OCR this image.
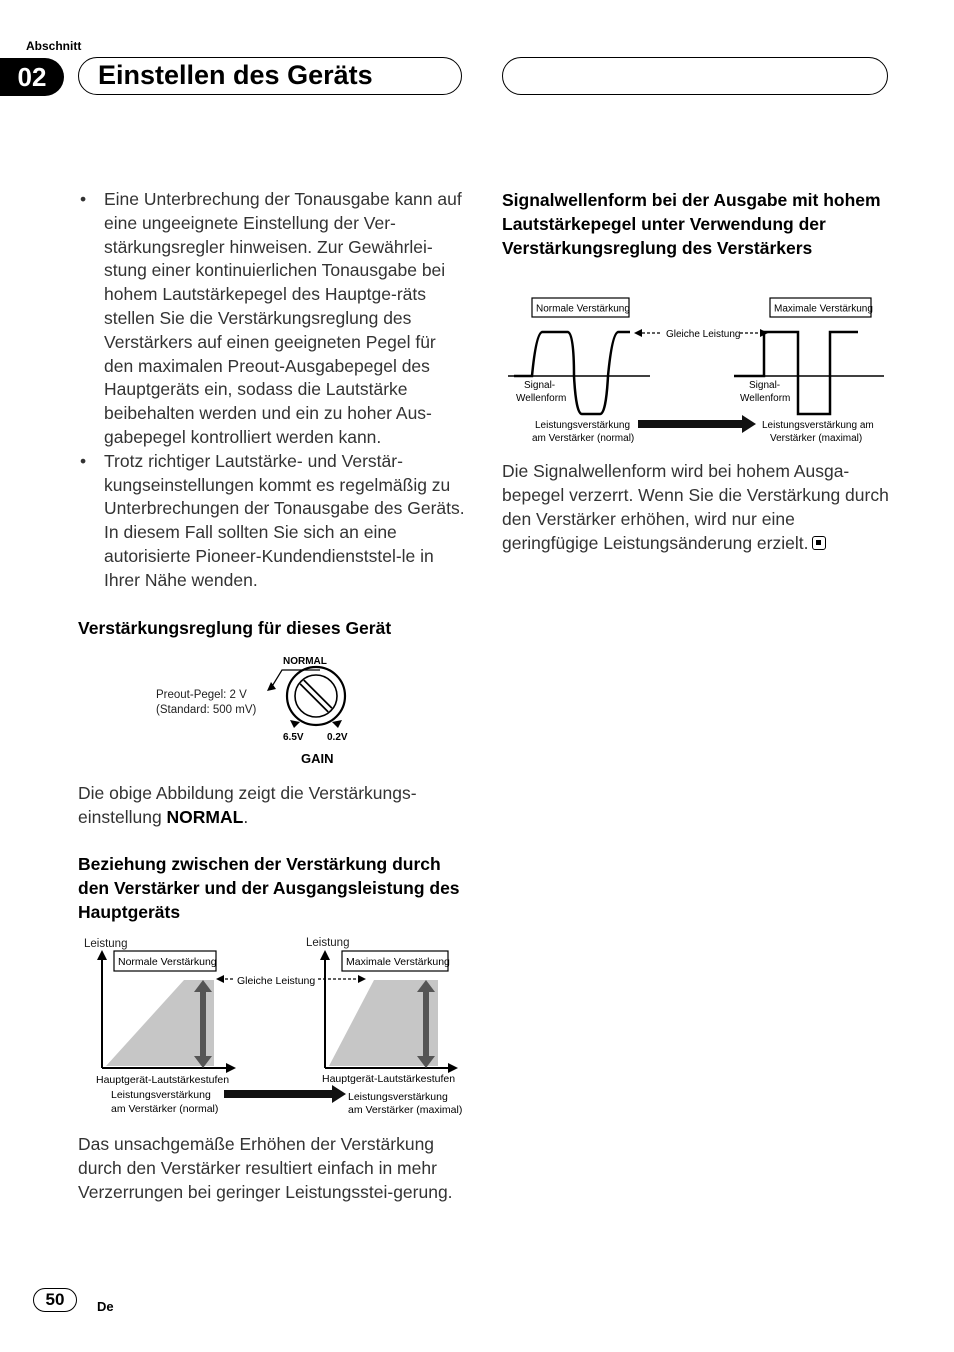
Abschnitt
02	Einstellen des Geräts
• Eine Unterbrechung der Tonausgabe kann auf eine ungeeignete Einstellung der Ver-stärkungsregler hinweisen. Zur Gewährlei-stung einer kontinuierlichen Tonausgabe bei hohem Lautstärkepegel des Hauptge-räts stellen Sie die Verstärkungsreglung des Verstärkers auf einen geeigneten Pegel für den maximalen Preout-Ausgabepegel des Hauptgeräts ein, sodass die Lautstärke beibehalten werden und ein zu hoher Aus-gabepegel kontrolliert werden kann.
• Trotz richtiger Lautstärke- und Verstär-kungseinstellungen kommt es regelmäßig zu Unterbrechungen der Tonausgabe des Geräts. In diesem Fall sollten Sie sich an eine autorisierte Pioneer-Kundendienststel-le in Ihrer Nähe wenden.
Verstärkungsreglung für dieses Gerät
Preout-Pegel: 2 V
(Standard: 500 mV)
NORMAL
6.5V 0.2V
GAIN
Die obige Abbildung zeigt die Verstärkungs-einstellung NORMAL.
Beziehung zwischen der Verstärkung durch den Verstärker und der Ausgangsleistung des Hauptgeräts
Leistung	Leistung
Normale Verstärkung	Maximale Verstärkung
Gleiche Leistung
Hauptgerät-Lautstärkestufen	Hauptgerät-Lautstärkestufen
Leistungsverstärkung
am Verstärker (normal)
Leistungsverstärkung
am Verstärker (maximal)
Das unsachgemäße Erhöhen der Verstärkung durch den Verstärker resultiert einfach in mehr Verzerrungen bei geringer Leistungsstei-gerung.
Signalwellenform bei der Ausgabe mit hohem Lautstärkepegel unter Verwendung der Verstärkungsreglung des Verstärkers
Normale Verstärkung	Maximale Verstärkung
Gleiche Leistung
Signal-
Wellenform
Signal-
Wellenform
Leistungsverstärkung
am Verstärker (normal)
Leistungsverstärkung am
Verstärker (maximal)
Die Signalwellenform wird bei hohem Ausga-bepegel verzerrt. Wenn Sie die Verstärkung durch den Verstärker erhöhen, wird nur eine geringfügige Leistungsänderung erzielt.
50	De
